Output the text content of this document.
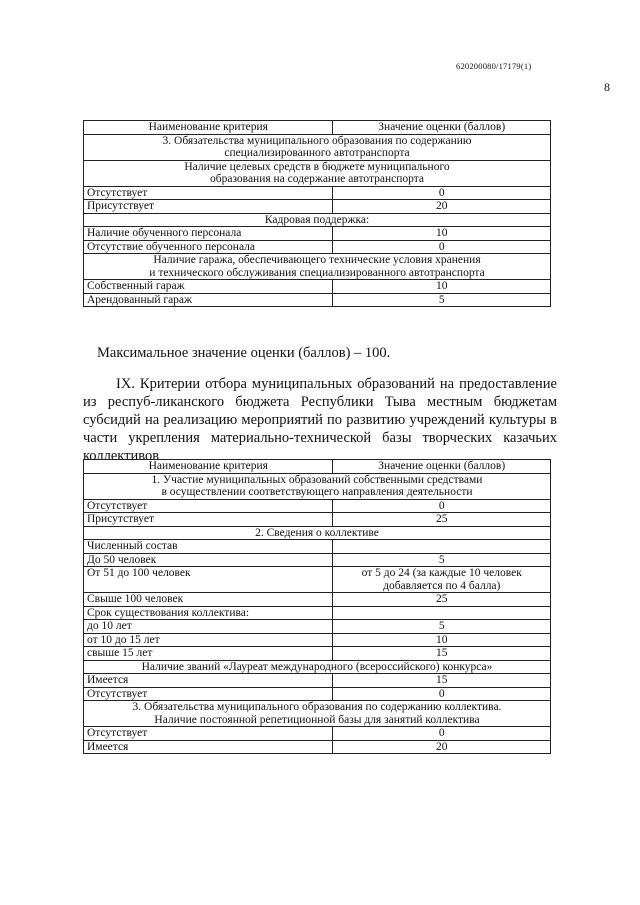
620200080/17179(1)
8
Наименование критерия	Значение оценки (баллов)

3. Обязательства муниципального образования по содержанию
специализированного автотранспорта	

Наличие целевых средств в бюджете муниципального
образования на содержание автотранспорта	

Отсутствует	0
Присутствует	20

Кадровая поддержка:	

Наличие обученного персонала	10
Отсутствие обученного персонала	0

Наличие гаража, обеспечивающего технические условия хранения
и технического обслуживания специализированного автотранспорта	

Собственный гараж	10
Арендованный гараж	5
Максимальное значение оценки (баллов) – 100.
IX. Критерии отбора муниципальных образований на предоставление из респуб-ликанского бюджета Республики Тыва местным бюджетам субсидий на реализацию мероприятий по развитию учреждений культуры в части укрепления материально-технической базы творческих казачьих коллективов
Наименование критерия	Значение оценки (баллов)

1. Участие муниципальных образований собственными средствами
в осуществлении соответствующего направления деятельности	

Отсутствует	0
Присутствует	25

2. Сведения о коллективе	

Численный состав	
До 50 человек	5
От 51 до 100 человек	от 5 до 24 (за каждые 10 человек
добавляется по 4 балла)
Свыше 100 человек	25
Срок существования коллектива:	
до 10 лет	5
от 10 до 15 лет	10
свыше 15 лет	15

Наличие званий «Лауреат международного (всероссийского) конкурса»	

Имеется	15
Отсутствует	0

3. Обязательства муниципального образования по содержанию коллектива.
Наличие постоянной репетиционной базы для занятий коллектива	

Отсутствует	0
Имеется	20
